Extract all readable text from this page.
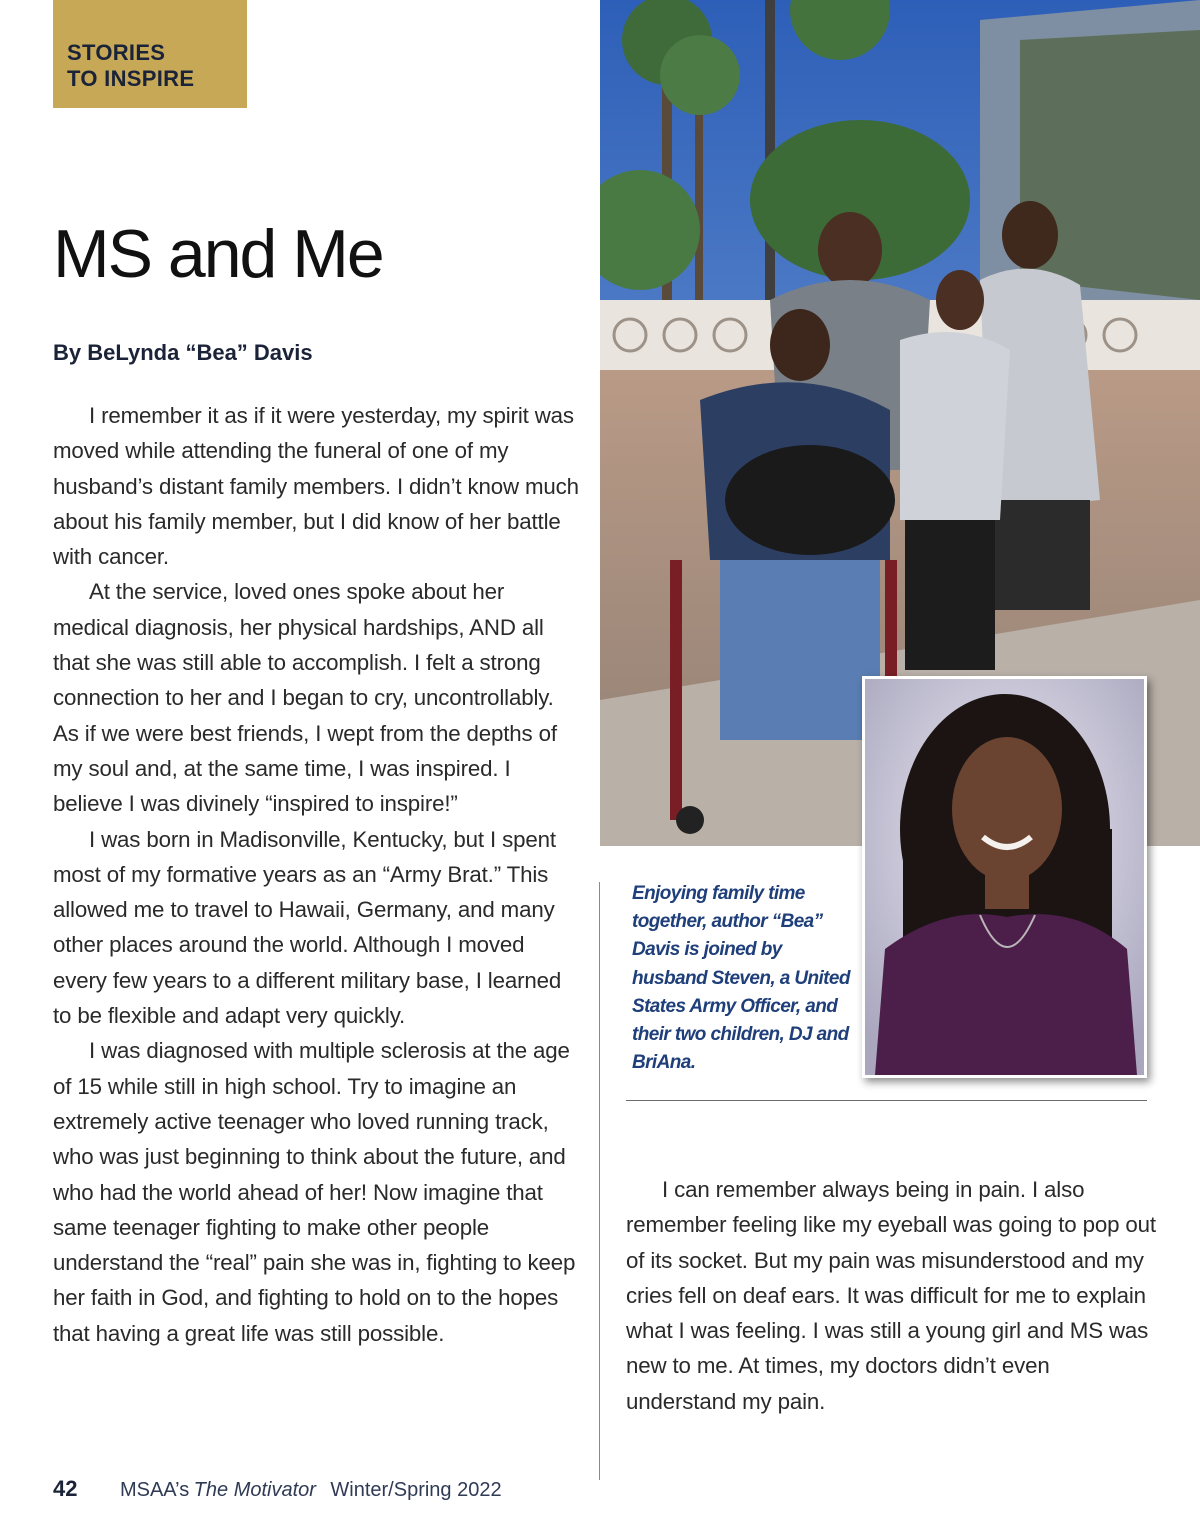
STORIES
TO INSPIRE
MS and Me
By BeLynda “Bea” Davis

I remember it as if it were yesterday, my spirit was moved while attending the funeral of one of my husband’s distant family members. I didn’t know much about his family member, but I did know of her battle with cancer.

At the service, loved ones spoke about her medical diagnosis, her physical hardships, AND all that she was still able to accomplish. I felt a strong connection to her and I began to cry, uncontrollably. As if we were best friends, I wept from the depths of my soul and, at the same time, I was inspired. I believe I was divinely “inspired to inspire!”

I was born in Madisonville, Kentucky, but I spent most of my formative years as an “Army Brat.” This allowed me to travel to Hawaii, Germany, and many other places around the world. Although I moved every few years to a different military base, I learned to be flexible and adapt very quickly.

I was diagnosed with multiple sclerosis at the age of 15 while still in high school. Try to imagine an extremely active teenager who loved running track, who was just beginning to think about the future, and who had the world ahead of her! Now imagine that same teenager fighting to make other people understand the “real” pain she was in, fighting to keep her faith in God, and fighting to hold on to the hopes that having a great life was still possible.

Enjoying family time together, author “Bea” Davis is joined by husband Steven, a United States Army Officer, and their two children, DJ and BriAna.

I can remember always being in pain. I also remember feeling like my eyeball was going to pop out of its socket. But my pain was misunderstood and my cries fell on deaf ears. It was difficult for me to explain what I was feeling. I was still a young girl and MS was new to me. At times, my doctors didn’t even understand my pain.

42 MSAA’s The Motivator Winter/Spring 2022
